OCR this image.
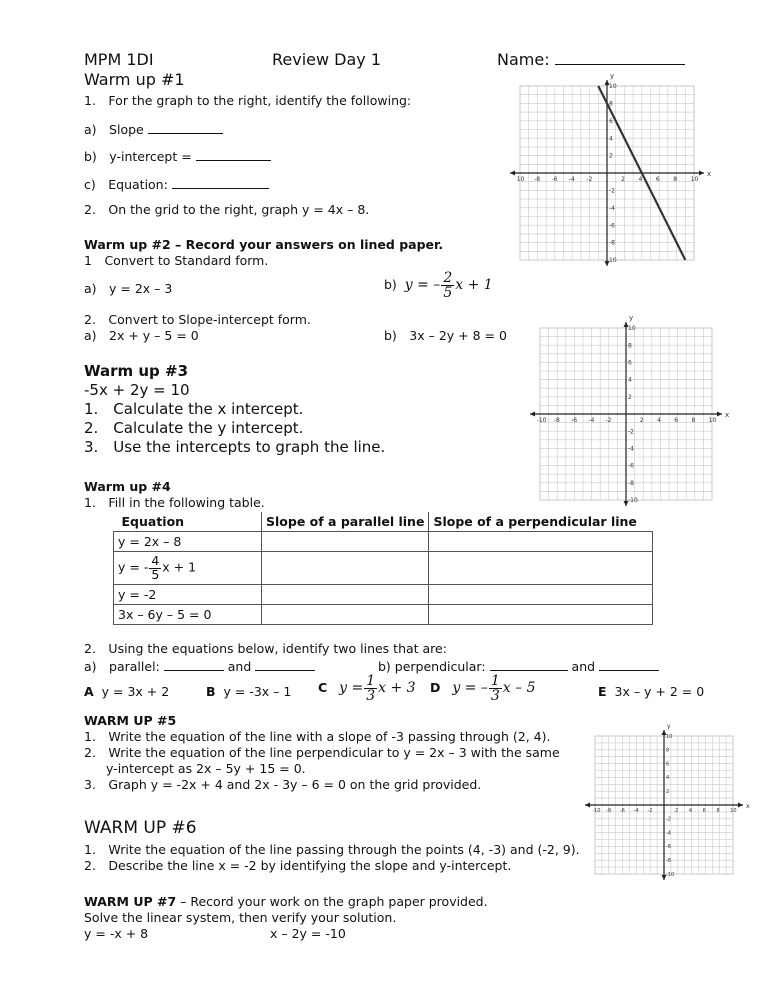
MPM 1DI	Review Day 1	Name:
Warm up #1
1. For the graph to the right, identify the following:
a) Slope
b) y-intercept =
c) Equation:
2. On the grid to the right, graph y = 4x – 8.
Warm up #2 – Record your answers on lined paper.
1 Convert to Standard form.
a) y = 2x – 3	b) y = – $\frac{2}{5}$ x + 1
2. Convert to Slope-intercept form.
a) 2x + y – 5 = 0	b) 3x – 2y + 8 = 0
Warm up #3
-5x + 2y = 10
1. Calculate the x intercept.
2. Calculate the y intercept.
3. Use the intercepts to graph the line.
Warm up #4
1. Fill in the following table.
Equation	Slope of a parallel line	Slope of a perpendicular line
y = 2x – 8		
y = - $\frac{4}{5}$ x + 1		
y = -2		
3x – 6y – 5 = 0		
2. Using the equations below, identify two lines that are:
a) parallel:	and	b) perpendicular:	and
A y = 3x + 2	B y = -3x – 1 C $y = \frac{1}{3}$ x + 3 D y = – $\frac{1}{3}$ x – 5	E 3x – y + 2 = 0
WARM UP #5
1. Write the equation of the line with a slope of -3 passing through (2, 4).
2. Write the equation of the line perpendicular to y = 2x – 3 with the same
y-intercept as 2x – 5y + 15 = 0.
3. Graph y = -2x + 4 and 2x - 3y – 6 = 0 on the grid provided.
WARM UP #6
1. Write the equation of the line passing through the points (4, -3) and (-2, 9).
2. Describe the line x = -2 by identifying the slope and y-intercept.
WARM UP #7 – Record your work on the graph paper provided.
Solve the linear system, then verify your solution.
y = -x + 8	x – 2y = -10
x
y
10 -8 -6 -4 -2	2 4 6 8 10
10
8
6
4
2
-2
-4
-6
-8
10
x
y
-10 -8 -6 -4 -2	2 4 6 8 10
10
8
6
4
2
-2
-4
-6
-8
-10
x
y
-10 -8 -6 -4 -2	2 4 6 8 10
10
8
6
4
2
-2
-4
-6
-8
-10
